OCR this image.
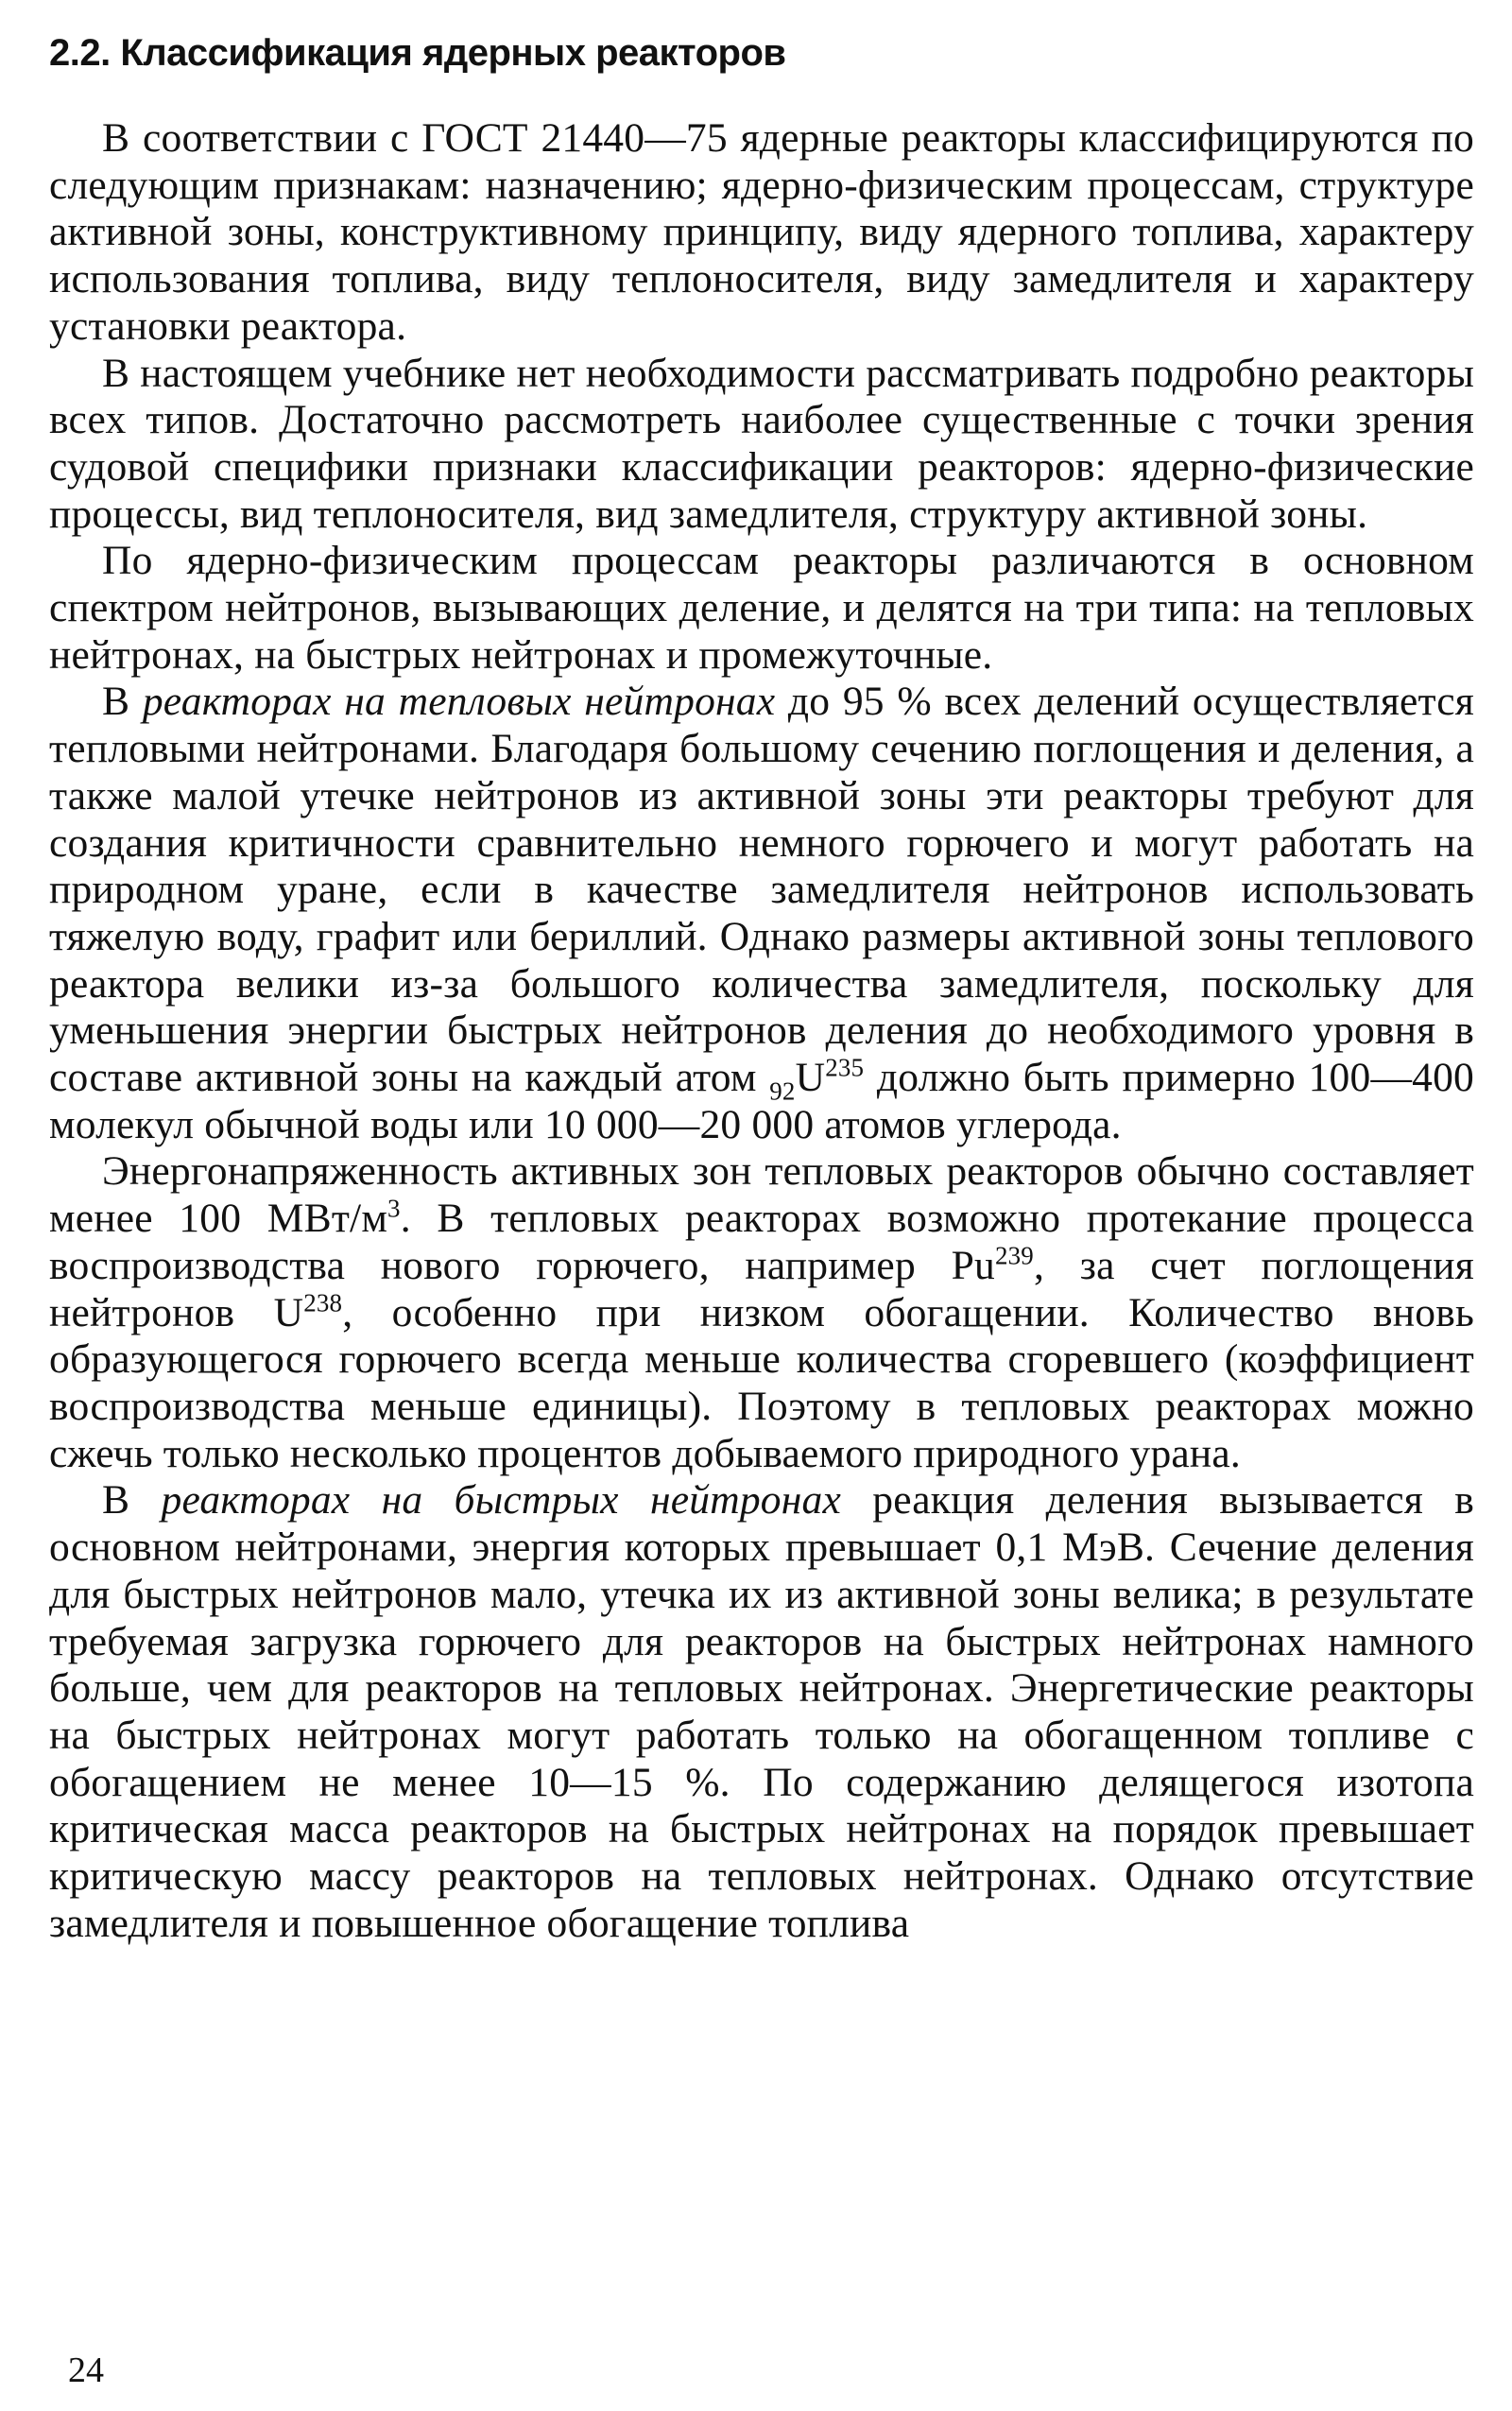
2.2. Классификация ядерных реакторов

В соответствии с ГОСТ 21440—75 ядерные реакторы классифицируются по следующим признакам: назначению; ядерно-физическим процессам, структуре активной зоны, конструктивному принципу, виду ядерного топлива, характеру использования топлива, виду теплоносителя, виду замедлителя и характеру установки реактора.

В настоящем учебнике нет необходимости рассматривать подробно реакторы всех типов. Достаточно рассмотреть наиболее существенные с точки зрения судовой специфики признаки классификации реакторов: ядерно-физические процессы, вид теплоносителя, вид замедлителя, структуру активной зоны.

По ядерно-физическим процессам реакторы различаются в основном спектром нейтронов, вызывающих деление, и делятся на три типа: на тепловых нейтронах, на быстрых нейтронах и промежуточные.

В реакторах на тепловых нейтронах до 95 % всех делений осуществляется тепловыми нейтронами. Благодаря большому сечению поглощения и деления, а также малой утечке нейтронов из активной зоны эти реакторы требуют для создания критичности сравнительно немного горючего и могут работать на природном уране, если в качестве замедлителя нейтронов использовать тяжелую воду, графит или бериллий. Однако размеры активной зоны теплового реактора велики из-за большого количества замедлителя, поскольку для уменьшения энергии быстрых нейтронов деления до необходимого уровня в составе активной зоны на каждый атом $_{92}U^{235}$ должно быть примерно 100—400 молекул обычной воды или 10 000—20 000 атомов углерода.

Энергонапряженность активных зон тепловых реакторов обычно составляет менее 100 МВт/$м^3$. В тепловых реакторах возможно протекание процесса воспроизводства нового горючего, например Pu$^{239}$, за счет поглощения нейтронов $U^{238}$, особенно при низком обогащении. Количество вновь образующегося горючего всегда меньше количества сгоревшего (коэффициент воспроизводства меньше единицы). Поэтому в тепловых реакторах можно сжечь только несколько процентов добываемого природного урана.

В реакторах на быстрых нейтронах реакция деления вызывается в основном нейтронами, энергия которых превышает 0,1 МэВ. Сечение деления для быстрых нейтронов мало, утечка их из активной зоны велика; в результате требуемая загрузка горючего для реакторов на быстрых нейтронах намного больше, чем для реакторов на тепловых нейтронах. Энергетические реакторы на быстрых нейтронах могут работать только на обогащенном топливе с обогащением не менее 10—15 %. По содержанию делящегося изотопа критическая масса реакторов на быстрых нейтронах на порядок превышает критическую массу реакторов на тепловых нейтронах. Однако отсутствие замедлителя и повышенное обогащение топлива

24
